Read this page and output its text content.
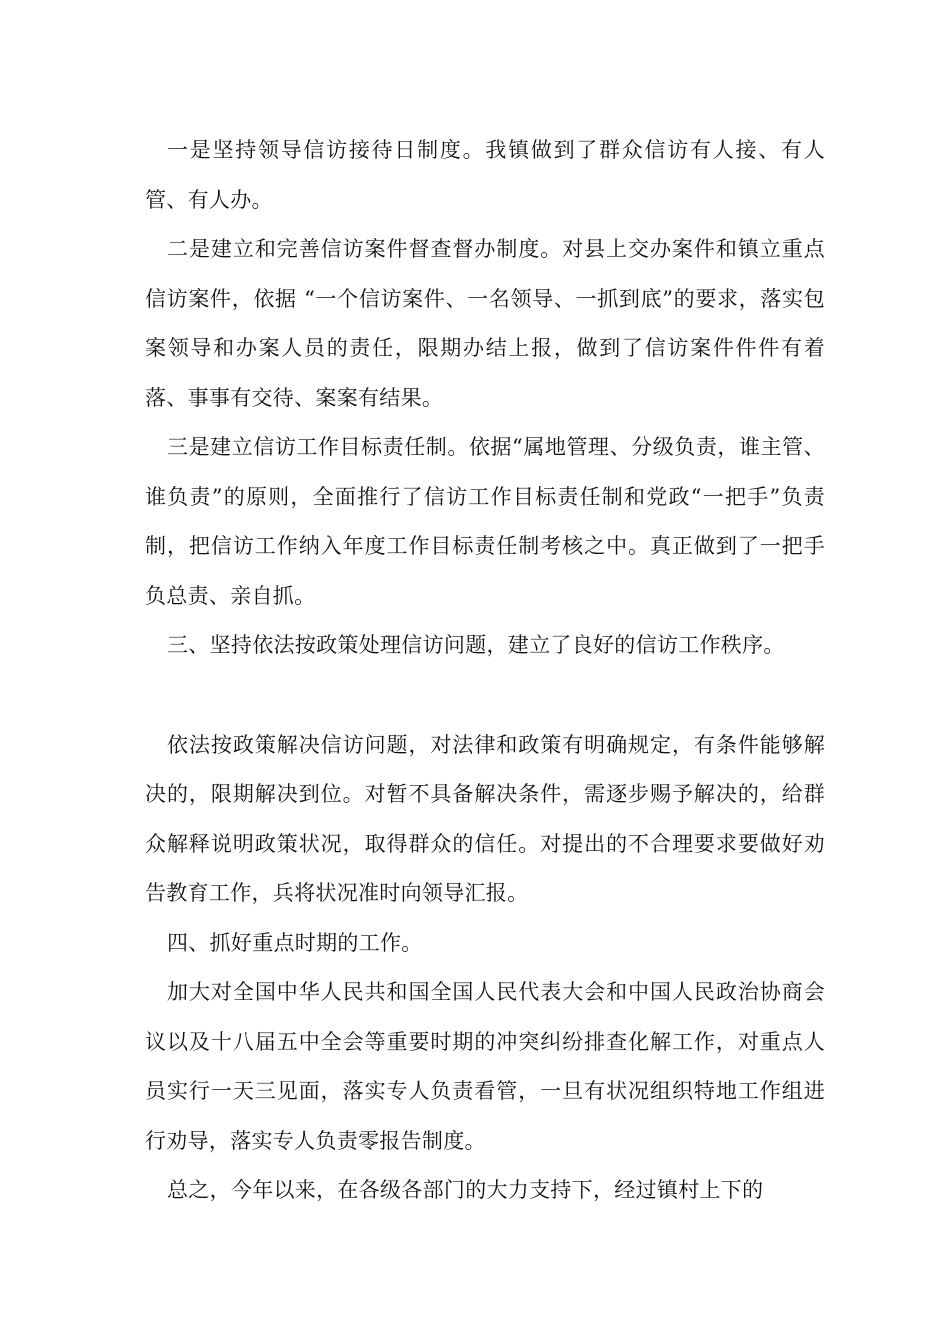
一是坚持领导信访接待日制度。我镇做到了群众信访有人接、有人管、有人办。

二是建立和完善信访案件督查督办制度。对县上交办案件和镇立重点信访案件，依据 “一个信访案件、一名领导、一抓到底”的要求，落实包案领导和办案人员的责任，限期办结上报，做到了信访案件件件有着落、事事有交待、案案有结果。

三是建立信访工作目标责任制。依据“属地管理、分级负责，谁主管、谁负责”的原则，全面推行了信访工作目标责任制和党政“一把手”负责制，把信访工作纳入年度工作目标责任制考核之中。真正做到了一把手负总责、亲自抓。

三、坚持依法按政策处理信访问题，建立了良好的信访工作秩序。

依法按政策解决信访问题，对法律和政策有明确规定，有条件能够解决的，限期解决到位。对暂不具备解决条件，需逐步赐予解决的，给群众解释说明政策状况，取得群众的信任。对提出的不合理要求要做好劝告教育工作，兵将状况准时向领导汇报。

四、抓好重点时期的工作。

加大对全国中华人民共和国全国人民代表大会和中国人民政治协商会议以及十八届五中全会等重要时期的冲突纠纷排查化解工作，对重点人员实行一天三见面，落实专人负责看管，一旦有状况组织特地工作组进行劝导，落实专人负责零报告制度。

总之，今年以来，在各级各部门的大力支持下，经过镇村上下的
